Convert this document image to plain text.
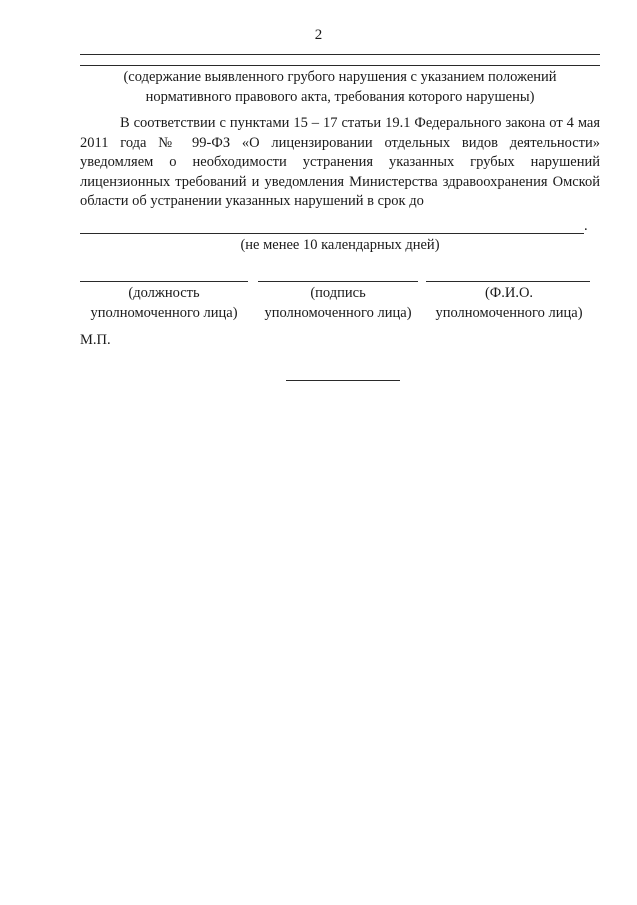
2
(содержание выявленного грубого нарушения с указанием положений
нормативного правового акта, требования которого нарушены)

В соответствии с пунктами 15 – 17 статьи 19.1 Федерального закона от 4 мая 2011 года № 99-ФЗ «О лицензировании отдельных видов деятельности» уведомляем о необходимости устранения указанных грубых нарушений лицензионных требований и уведомления Министерства здравоохранения Омской области об устранении указанных нарушений в срок до

.
(не менее 10 календарных дней)
(должность
уполномоченного лица)
(подпись
уполномоченного лица)
(Ф.И.О.
уполномоченного лица)
М.П.
